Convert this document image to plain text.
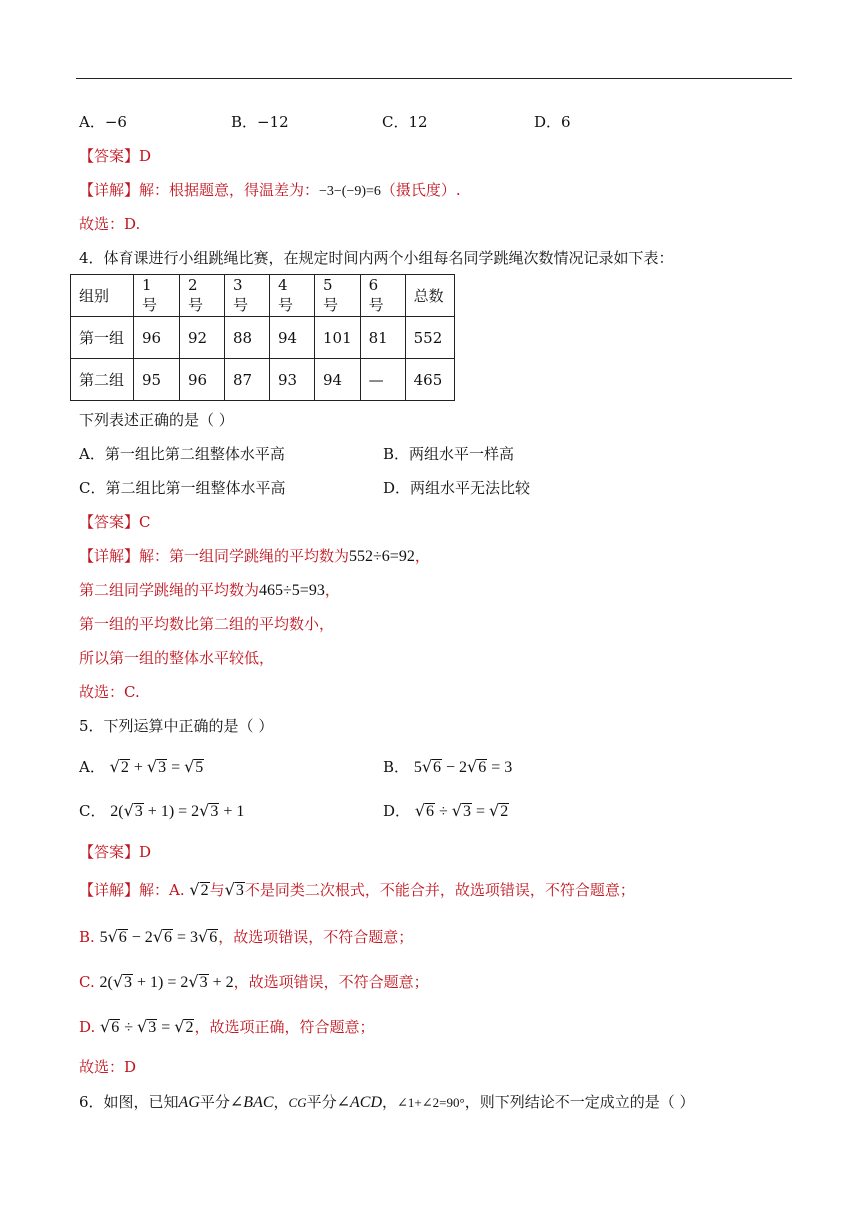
A．−6	B．−12	C．12	D．6
【答案】D
【详解】解：根据题意，得温差为：−3−(−9)=6（摄氏度）.
故选：D.
4．体育课进行小组跳绳比赛，在规定时间内两个小组每名同学跳绳次数情况记录如下表：
组别	1 号	2 号	3 号	4 号	5 号	6 号	总数
第一组	96	92	88	94	101	81	552
第二组	95	96	87	93	94	—	465
下列表述正确的是（ ）
A．第一组比第二组整体水平高	B．两组水平一样高
C．第二组比第一组整体水平高	D．两组水平无法比较
【答案】C
【详解】解：第一组同学跳绳的平均数为552÷6=92，
第二组同学跳绳的平均数为465÷5=93，
第一组的平均数比第二组的平均数小，
所以第一组的整体水平较低，
故选：C.
5．下列运算中正确的是（ ）
A． √2 + √3 = √5	B． 5√6 − 2√6 = 3
C． 2(√3 + 1) = 2√3 + 1	D． √6 ÷ √3 = √2
【答案】D
【详解】解：A. √2与√3不是同类二次根式，不能合并，故选项错误，不符合题意；
B. 5√6 − 2√6 = 3√6，故选项错误，不符合题意；
C. 2(√3 + 1) = 2√3 + 2，故选项错误，不符合题意；
D. √6 ÷ √3 = √2，故选项正确，符合题意；
故选：D
6．如图，已知AG平分∠BAC，CG平分∠ACD，∠1+∠2=90°，则下列结论不一定成立的是（ ）
